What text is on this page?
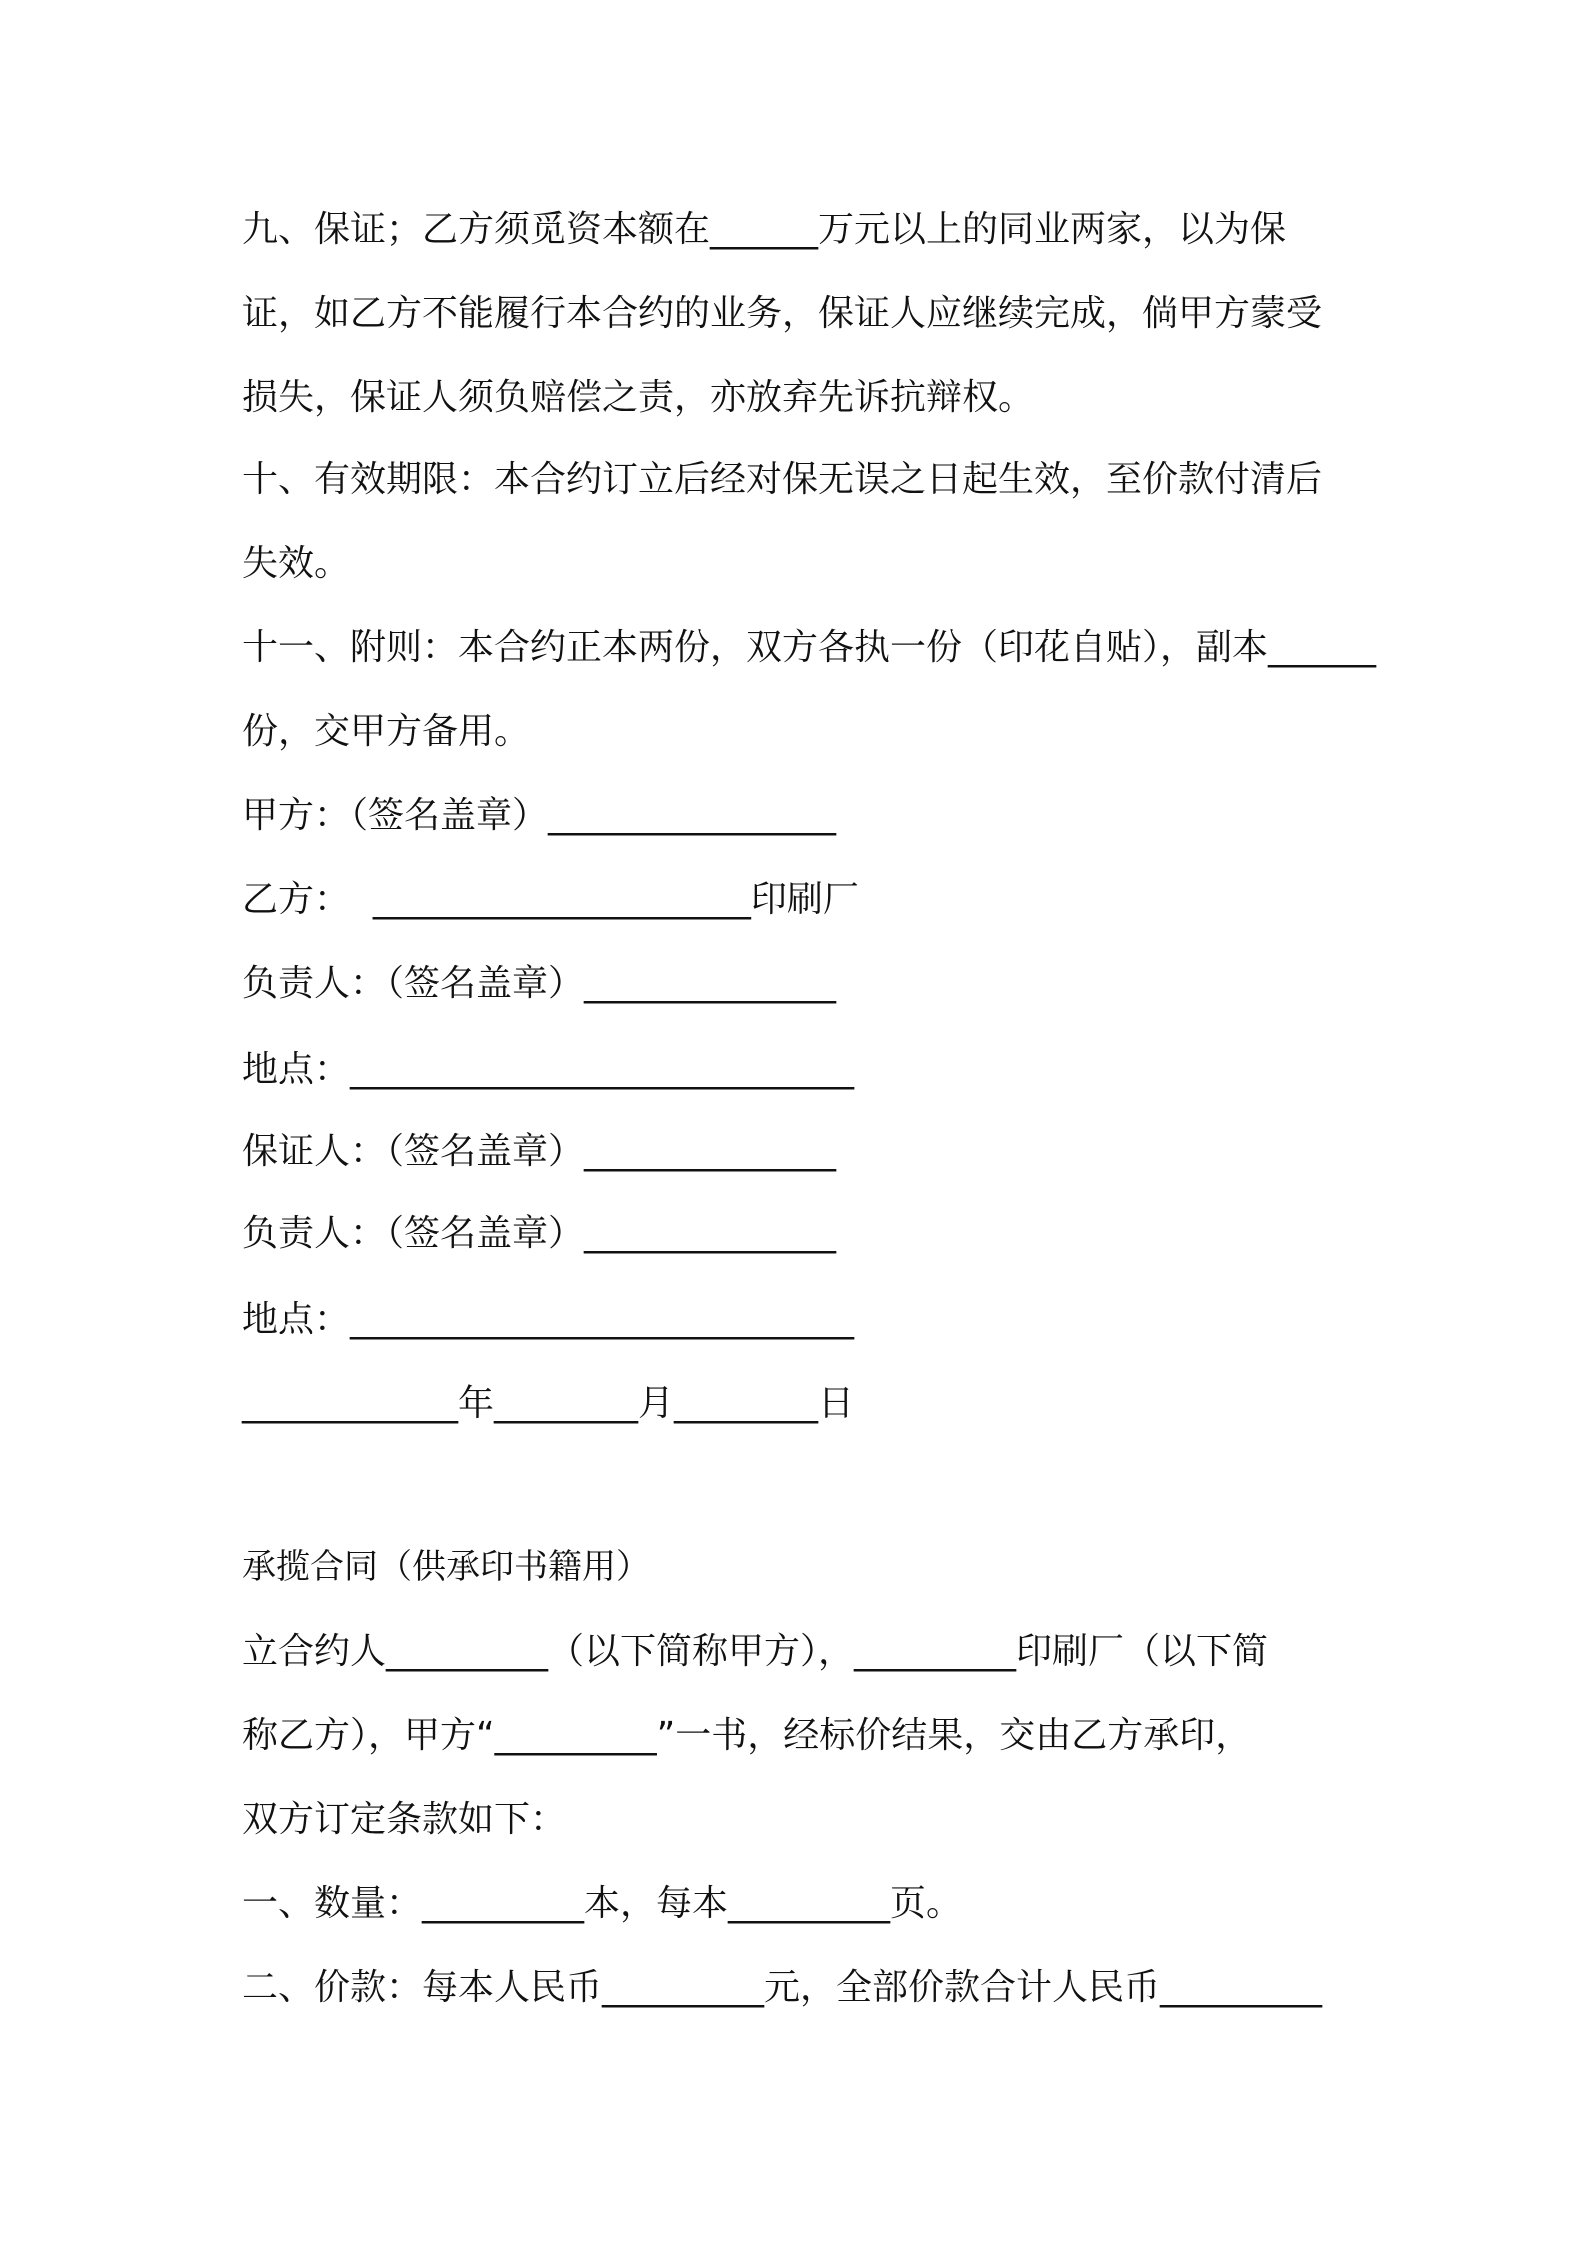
九、保证；乙方须觅资本额在______万元以上的同业两家，以为保
证，如乙方不能履行本合约的业务，保证人应继续完成，倘甲方蒙受
损失，保证人须负赔偿之责，亦放弃先诉抗辩权。
十、有效期限：本合约订立后经对保无误之日起生效，至价款付清后
失效。
十一、附则：本合约正本两份，双方各执一份（印花自贴），副本______
份，交甲方备用。
甲方：（签名盖章）________________
乙方：  _____________________印刷厂
负责人：（签名盖章）______________
地点：____________________________
保证人：（签名盖章）______________
负责人：（签名盖章）______________
地点：____________________________
____________年________月________日
承揽合同（供承印书籍用）
立合约人_________（以下简称甲方），_________印刷厂（以下简
称乙方），甲方“_________”一书，经标价结果，交由乙方承印，
双方订定条款如下：
一、数量：_________本，每本_________页。
二、价款：每本人民币_________元，全部价款合计人民币_________
